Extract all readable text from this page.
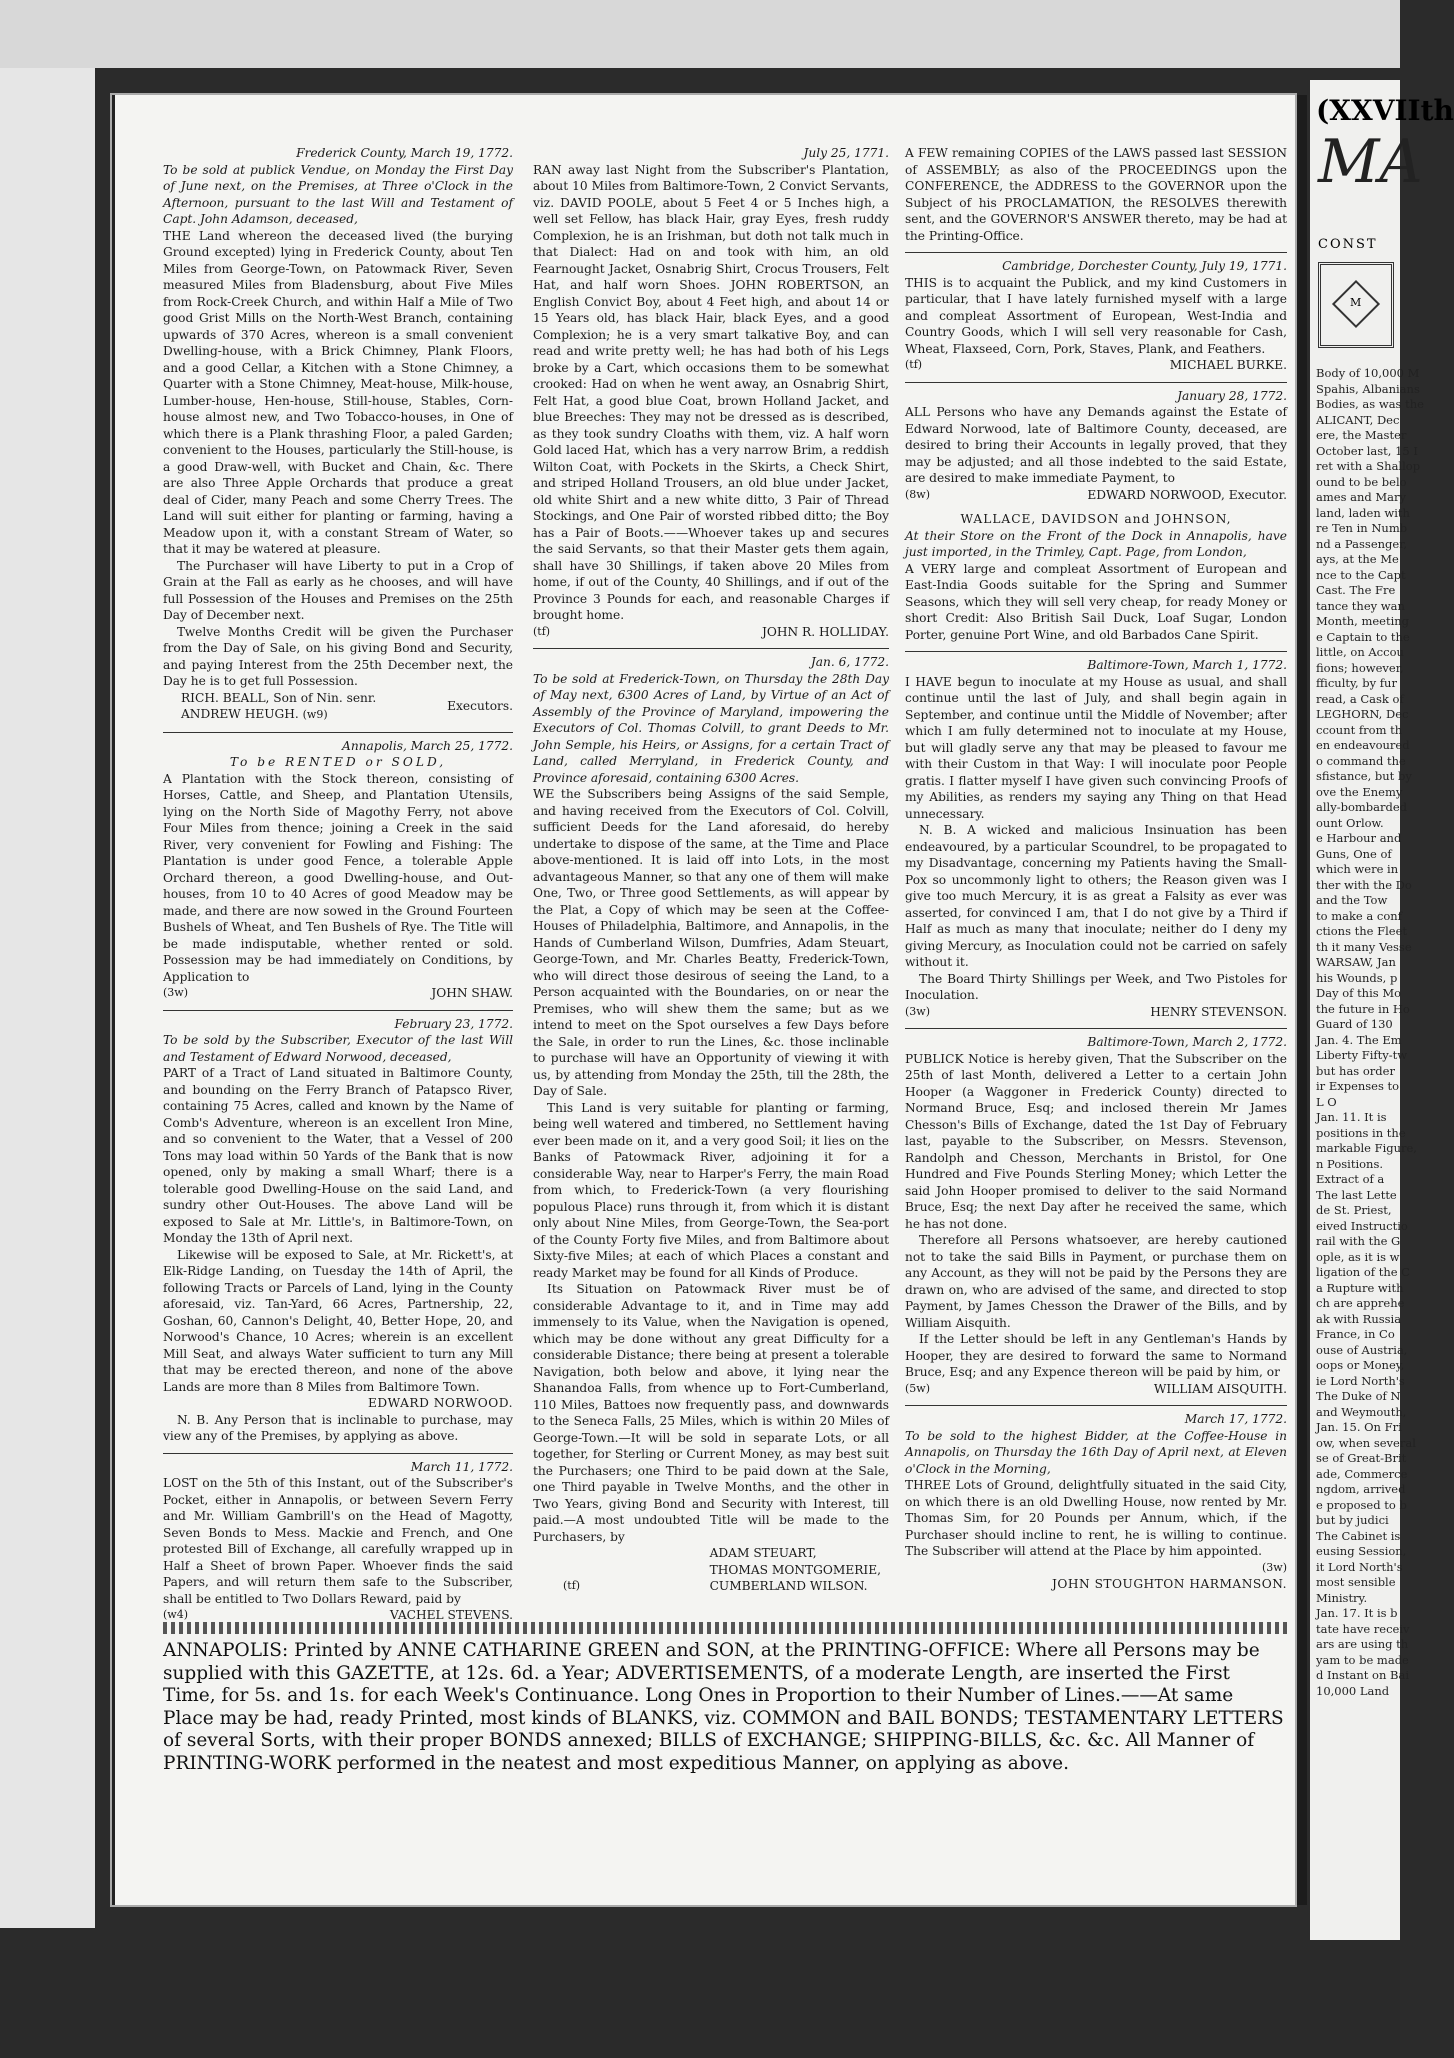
(XXVIIth
MA
CONST
M
Body of 10,000 M
Spahis, Albanians
Bodies, as was the
ALICANT, Dec
ere, the Master
October last, 15 I
ret with a Shallop
ound to be belo
ames and Mary
land, laden with
re Ten in Numb
nd a Passenger,
ays, at the Me
nce to the Capt
Cast. The Fre
tance they wan
Month, meeting
e Captain to the
little, on Accou
fions; however,
fficulty, by fur
read, a Cask of
LEGHORN, Dec
ccount from th
en endeavoured
o command the
sfistance, but by
ove the Enemy
ally-bombarded
ount Orlow.
e Harbour and
Guns, One of
which were in
ther with the Do
and the Tow
to make a conf
ctions the Fleet
th it many Vesse
WARSAW, Jan
his Wounds, p
Day of this Mo
the future in Ho
Guard of 130
Jan. 4. The Em
Liberty Fifty-tw
but has order
ir Expenses to
L O
Jan. 11. It is
positions in the
markable Figure,
n Positions.
Extract of a
The last Lette
de St. Priest,
eived Instructio
rail with the G
ople, as it is w
ligation of the C
a Rupture with
ch are apprehe
ak with Russia
France, in Co
ouse of Austria,
oops or Money,
ie Lord North's
The Duke of N
and Weymouth,
Jan. 15. On Fri
ow, when several
se of Great-Brit
ade, Commerce
ngdom, arrived
e proposed to b
but by judici
The Cabinet is
eusing Session,
it Lord North's
most sensible
Ministry.
Jan. 17. It is b
tate have receiv
ars are using th
yam to be made
d Instant on Bai
10,000 Land
Frederick County, March 19, 1772.
To be sold at publick Vendue, on Monday the First Day of June next, on the Premises, at Three o'Clock in the Afternoon, pursuant to the last Will and Testament of Capt. John Adamson, deceased,
THE Land whereon the deceased lived (the burying Ground excepted) lying in Frederick County, about Ten Miles from George-Town, on Patowmack River, Seven measured Miles from Bladensburg, about Five Miles from Rock-Creek Church, and within Half a Mile of Two good Grist Mills on the North-West Branch, containing upwards of 370 Acres, whereon is a small convenient Dwelling-house, with a Brick Chimney, Plank Floors, and a good Cellar, a Kitchen with a Stone Chimney, a Quarter with a Stone Chimney, Meat-house, Milk-house, Lumber-house, Hen-house, Still-house, Stables, Corn-house almost new, and Two Tobacco-houses, in One of which there is a Plank thrashing Floor, a paled Garden; convenient to the Houses, particularly the Still-house, is a good Draw-well, with Bucket and Chain, &c. There are also Three Apple Orchards that produce a great deal of Cider, many Peach and some Cherry Trees. The Land will suit either for planting or farming, having a Meadow upon it, with a constant Stream of Water, so that it may be watered at pleasure.
The Purchaser will have Liberty to put in a Crop of Grain at the Fall as early as he chooses, and will have full Possession of the Houses and Premises on the 25th Day of December next.
Twelve Months Credit will be given the Purchaser from the Day of Sale, on his giving Bond and Security, and paying Interest from the 25th December next, the Day he is to get full Possession.
RICH. BEALL, Son of Nin. senr.
ANDREW HEUGH. (w9)
Executors.
Annapolis, March 25, 1772.
To be RENTED or SOLD,
A Plantation with the Stock thereon, consisting of Horses, Cattle, and Sheep, and Plantation Utensils, lying on the North Side of Magothy Ferry, not above Four Miles from thence; joining a Creek in the said River, very convenient for Fowling and Fishing: The Plantation is under good Fence, a tolerable Apple Orchard thereon, a good Dwelling-house, and Out-houses, from 10 to 40 Acres of good Meadow may be made, and there are now sowed in the Ground Fourteen Bushels of Wheat, and Ten Bushels of Rye. The Title will be made indisputable, whether rented or sold. Possession may be had immediately on Conditions, by Application to
(3w)	JOHN SHAW.
February 23, 1772.
To be sold by the Subscriber, Executor of the last Will and Testament of Edward Norwood, deceased,
PART of a Tract of Land situated in Baltimore County, and bounding on the Ferry Branch of Patapsco River, containing 75 Acres, called and known by the Name of Comb's Adventure, whereon is an excellent Iron Mine, and so convenient to the Water, that a Vessel of 200 Tons may load within 50 Yards of the Bank that is now opened, only by making a small Wharf; there is a tolerable good Dwelling-House on the said Land, and sundry other Out-Houses. The above Land will be exposed to Sale at Mr. Little's, in Baltimore-Town, on Monday the 13th of April next.
Likewise will be exposed to Sale, at Mr. Rickett's, at Elk-Ridge Landing, on Tuesday the 14th of April, the following Tracts or Parcels of Land, lying in the County aforesaid, viz. Tan-Yard, 66 Acres, Partnership, 22, Goshan, 60, Cannon's Delight, 40, Better Hope, 20, and Norwood's Chance, 10 Acres; wherein is an excellent Mill Seat, and always Water sufficient to turn any Mill that may be erected thereon, and none of the above Lands are more than 8 Miles from Baltimore Town.
EDWARD NORWOOD.
N. B. Any Person that is inclinable to purchase, may view any of the Premises, by applying as above.
March 11, 1772.
LOST on the 5th of this Instant, out of the Subscriber's Pocket, either in Annapolis, or between Severn Ferry and Mr. William Gambrill's on the Head of Magotty, Seven Bonds to Mess. Mackie and French, and One protested Bill of Exchange, all carefully wrapped up in Half a Sheet of brown Paper. Whoever finds the said Papers, and will return them safe to the Subscriber, shall be entitled to Two Dollars Reward, paid by
(w4)	VACHEL STEVENS.
July 25, 1771.
RAN away last Night from the Subscriber's Plantation, about 10 Miles from Baltimore-Town, 2 Convict Servants, viz. DAVID POOLE, about 5 Feet 4 or 5 Inches high, a well set Fellow, has black Hair, gray Eyes, fresh ruddy Complexion, he is an Irishman, but doth not talk much in that Dialect: Had on and took with him, an old Fearnought Jacket, Osnabrig Shirt, Crocus Trousers, Felt Hat, and half worn Shoes. JOHN ROBERTSON, an English Convict Boy, about 4 Feet high, and about 14 or 15 Years old, has black Hair, black Eyes, and a good Complexion; he is a very smart talkative Boy, and can read and write pretty well; he has had both of his Legs broke by a Cart, which occasions them to be somewhat crooked: Had on when he went away, an Osnabrig Shirt, Felt Hat, a good blue Coat, brown Holland Jacket, and blue Breeches: They may not be dressed as is described, as they took sundry Cloaths with them, viz. A half worn Gold laced Hat, which has a very narrow Brim, a reddish Wilton Coat, with Pockets in the Skirts, a Check Shirt, and striped Holland Trousers, an old blue under Jacket, old white Shirt and a new white ditto, 3 Pair of Thread Stockings, and One Pair of worsted ribbed ditto; the Boy has a Pair of Boots.——Whoever takes up and secures the said Servants, so that their Master gets them again, shall have 30 Shillings, if taken above 20 Miles from home, if out of the County, 40 Shillings, and if out of the Province 3 Pounds for each, and reasonable Charges if brought home.
(tf)	JOHN R. HOLLIDAY.
Jan. 6, 1772.
To be sold at Frederick-Town, on Thursday the 28th Day of May next, 6300 Acres of Land, by Virtue of an Act of Assembly of the Province of Maryland, impowering the Executors of Col. Thomas Colvill, to grant Deeds to Mr. John Semple, his Heirs, or Assigns, for a certain Tract of Land, called Merryland, in Frederick County, and Province aforesaid, containing 6300 Acres.
WE the Subscribers being Assigns of the said Semple, and having received from the Executors of Col. Colvill, sufficient Deeds for the Land aforesaid, do hereby undertake to dispose of the same, at the Time and Place above-mentioned. It is laid off into Lots, in the most advantageous Manner, so that any one of them will make One, Two, or Three good Settlements, as will appear by the Plat, a Copy of which may be seen at the Coffee-Houses of Philadelphia, Baltimore, and Annapolis, in the Hands of Cumberland Wilson, Dumfries, Adam Steuart, George-Town, and Mr. Charles Beatty, Frederick-Town, who will direct those desirous of seeing the Land, to a Person acquainted with the Boundaries, on or near the Premises, who will shew them the same; but as we intend to meet on the Spot ourselves a few Days before the Sale, in order to run the Lines, &c. those inclinable to purchase will have an Opportunity of viewing it with us, by attending from Monday the 25th, till the 28th, the Day of Sale.
This Land is very suitable for planting or farming, being well watered and timbered, no Settlement having ever been made on it, and a very good Soil; it lies on the Banks of Patowmack River, adjoining it for a considerable Way, near to Harper's Ferry, the main Road from which, to Frederick-Town (a very flourishing populous Place) runs through it, from which it is distant only about Nine Miles, from George-Town, the Sea-port of the County Forty five Miles, and from Baltimore about Sixty-five Miles; at each of which Places a constant and ready Market may be found for all Kinds of Produce.
Its Situation on Patowmack River must be of considerable Advantage to it, and in Time may add immensely to its Value, when the Navigation is opened, which may be done without any great Difficulty for a considerable Distance; there being at present a tolerable Navigation, both below and above, it lying near the Shanandoa Falls, from whence up to Fort-Cumberland, 110 Miles, Battoes now frequently pass, and downwards to the Seneca Falls, 25 Miles, which is within 20 Miles of George-Town.—It will be sold in separate Lots, or all together, for Sterling or Current Money, as may best suit the Purchasers; one Third to be paid down at the Sale, one Third payable in Twelve Months, and the other in Two Years, giving Bond and Security with Interest, till paid.—A most undoubted Title will be made to the Purchasers, by
(tf)
ADAM STEUART,
THOMAS MONTGOMERIE,
CUMBERLAND WILSON.
A FEW remaining COPIES of the LAWS passed last SESSION of ASSEMBLY; as also of the PROCEEDINGS upon the CONFERENCE, the ADDRESS to the GOVERNOR upon the Subject of his PROCLAMATION, the RESOLVES therewith sent, and the GOVERNOR'S ANSWER thereto, may be had at the Printing-Office.
Cambridge, Dorchester County, July 19, 1771.
THIS is to acquaint the Publick, and my kind Customers in particular, that I have lately furnished myself with a large and compleat Assortment of European, West-India and Country Goods, which I will sell very reasonable for Cash, Wheat, Flaxseed, Corn, Pork, Staves, Plank, and Feathers.
(tf)	MICHAEL BURKE.
January 28, 1772.
ALL Persons who have any Demands against the Estate of Edward Norwood, late of Baltimore County, deceased, are desired to bring their Accounts in legally proved, that they may be adjusted; and all those indebted to the said Estate, are desired to make immediate Payment, to
(8w)	EDWARD NORWOOD, Executor.
WALLACE, DAVIDSON and JOHNSON,
At their Store on the Front of the Dock in Annapolis, have just imported, in the Trimley, Capt. Page, from London,
A VERY large and compleat Assortment of European and East-India Goods suitable for the Spring and Summer Seasons, which they will sell very cheap, for ready Money or short Credit: Also British Sail Duck, Loaf Sugar, London Porter, genuine Port Wine, and old Barbados Cane Spirit.
Baltimore-Town, March 1, 1772.
I HAVE begun to inoculate at my House as usual, and shall continue until the last of July, and shall begin again in September, and continue until the Middle of November; after which I am fully determined not to inoculate at my House, but will gladly serve any that may be pleased to favour me with their Custom in that Way: I will inoculate poor People gratis. I flatter myself I have given such convincing Proofs of my Abilities, as renders my saying any Thing on that Head unnecessary.
N. B. A wicked and malicious Insinuation has been endeavoured, by a particular Scoundrel, to be propagated to my Disadvantage, concerning my Patients having the Small-Pox so uncommonly light to others; the Reason given was I give too much Mercury, it is as great a Falsity as ever was asserted, for convinced I am, that I do not give by a Third if Half as much as many that inoculate; neither do I deny my giving Mercury, as Inoculation could not be carried on safely without it.
The Board Thirty Shillings per Week, and Two Pistoles for Inoculation.
(3w)	HENRY STEVENSON.
Baltimore-Town, March 2, 1772.
PUBLICK Notice is hereby given, That the Subscriber on the 25th of last Month, delivered a Letter to a certain John Hooper (a Waggoner in Frederick County) directed to Normand Bruce, Esq; and inclosed therein Mr James Chesson's Bills of Exchange, dated the 1st Day of February last, payable to the Subscriber, on Messrs. Stevenson, Randolph and Chesson, Merchants in Bristol, for One Hundred and Five Pounds Sterling Money; which Letter the said John Hooper promised to deliver to the said Normand Bruce, Esq; the next Day after he received the same, which he has not done.
Therefore all Persons whatsoever, are hereby cautioned not to take the said Bills in Payment, or purchase them on any Account, as they will not be paid by the Persons they are drawn on, who are advised of the same, and directed to stop Payment, by James Chesson the Drawer of the Bills, and by William Aisquith.
If the Letter should be left in any Gentleman's Hands by Hooper, they are desired to forward the same to Normand Bruce, Esq; and any Expence thereon will be paid by him, or
(5w)	WILLIAM AISQUITH.
March 17, 1772.
To be sold to the highest Bidder, at the Coffee-House in Annapolis, on Thursday the 16th Day of April next, at Eleven o'Clock in the Morning,
THREE Lots of Ground, delightfully situated in the said City, on which there is an old Dwelling House, now rented by Mr. Thomas Sim, for 20 Pounds per Annum, which, if the Purchaser should incline to rent, he is willing to continue. The Subscriber will attend at the Place by him appointed.
(3w)
JOHN STOUGHTON HARMANSON.
ANNAPOLIS: Printed by ANNE CATHARINE GREEN and SON, at the PRINTING-OFFICE: Where all Persons may be supplied with this GAZETTE, at 12s. 6d. a Year; ADVERTISEMENTS, of a moderate Length, are inserted the First Time, for 5s. and 1s. for each Week's Continuance. Long Ones in Proportion to their Number of Lines.——At same Place may be had, ready Printed, most kinds of BLANKS, viz. COMMON and BAIL BONDS; TESTAMENTARY LETTERS of several Sorts, with their proper BONDS annexed; BILLS of EXCHANGE; SHIPPING-BILLS, &c. &c. All Manner of PRINTING-WORK performed in the neatest and most expeditious Manner, on applying as above.
